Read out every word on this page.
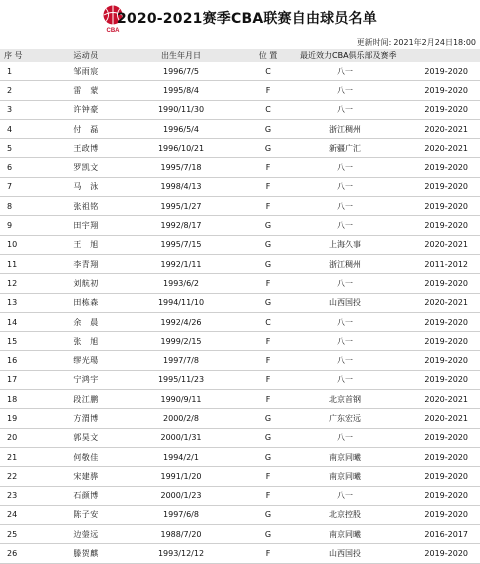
CBA
2020-2021赛季CBA联赛自由球员名单
更新时间: 2021年2月24日18:00
序 号	运动员	出生年月日	位 置	最近效力CBA俱乐部及赛季	
1	邹雨宸	1996/7/5	C	八一	2019-2020
2	雷　蒙	1995/8/4	F	八一	2019-2020
3	许钟豪	1990/11/30	C	八一	2019-2020
4	付　磊	1996/5/4	G	浙江稠州	2020-2021
5	王政博	1996/10/21	G	新疆广汇	2020-2021
6	罗凯文	1995/7/18	F	八一	2019-2020
7	马　泳	1998/4/13	F	八一	2019-2020
8	张祖铭	1995/1/27	F	八一	2019-2020
9	田宇翔	1992/8/17	G	八一	2019-2020
10	王　旭	1995/7/15	G	上海久事	2020-2021
11	李青翔	1992/1/11	G	浙江稠州	2011-2012
12	刘航初	1993/6/2	F	八一	2019-2020
13	田栋森	1994/11/10	G	山西国投	2020-2021
14	余　晨	1992/4/26	C	八一	2019-2020
15	张　旭	1999/2/15	F	八一	2019-2020
16	缪光瑒	1997/7/8	F	八一	2019-2020
17	宁鸿宇	1995/11/23	F	八一	2019-2020
18	段江鹏	1990/9/11	F	北京首钢	2020-2021
19	方渭博	2000/2/8	G	广东宏远	2020-2021
20	郭昊文	2000/1/31	G	八一	2019-2020
21	何敬佳	1994/2/1	G	南京同曦	2019-2020
22	宋建骅	1991/1/20	F	南京同曦	2019-2020
23	石颜博	2000/1/23	F	八一	2019-2020
24	陈子安	1997/6/8	G	北京控股	2019-2020
25	边蓥远	1988/7/20	G	南京同曦	2016-2017
26	滕贺麒	1993/12/12	F	山西国投	2019-2020
